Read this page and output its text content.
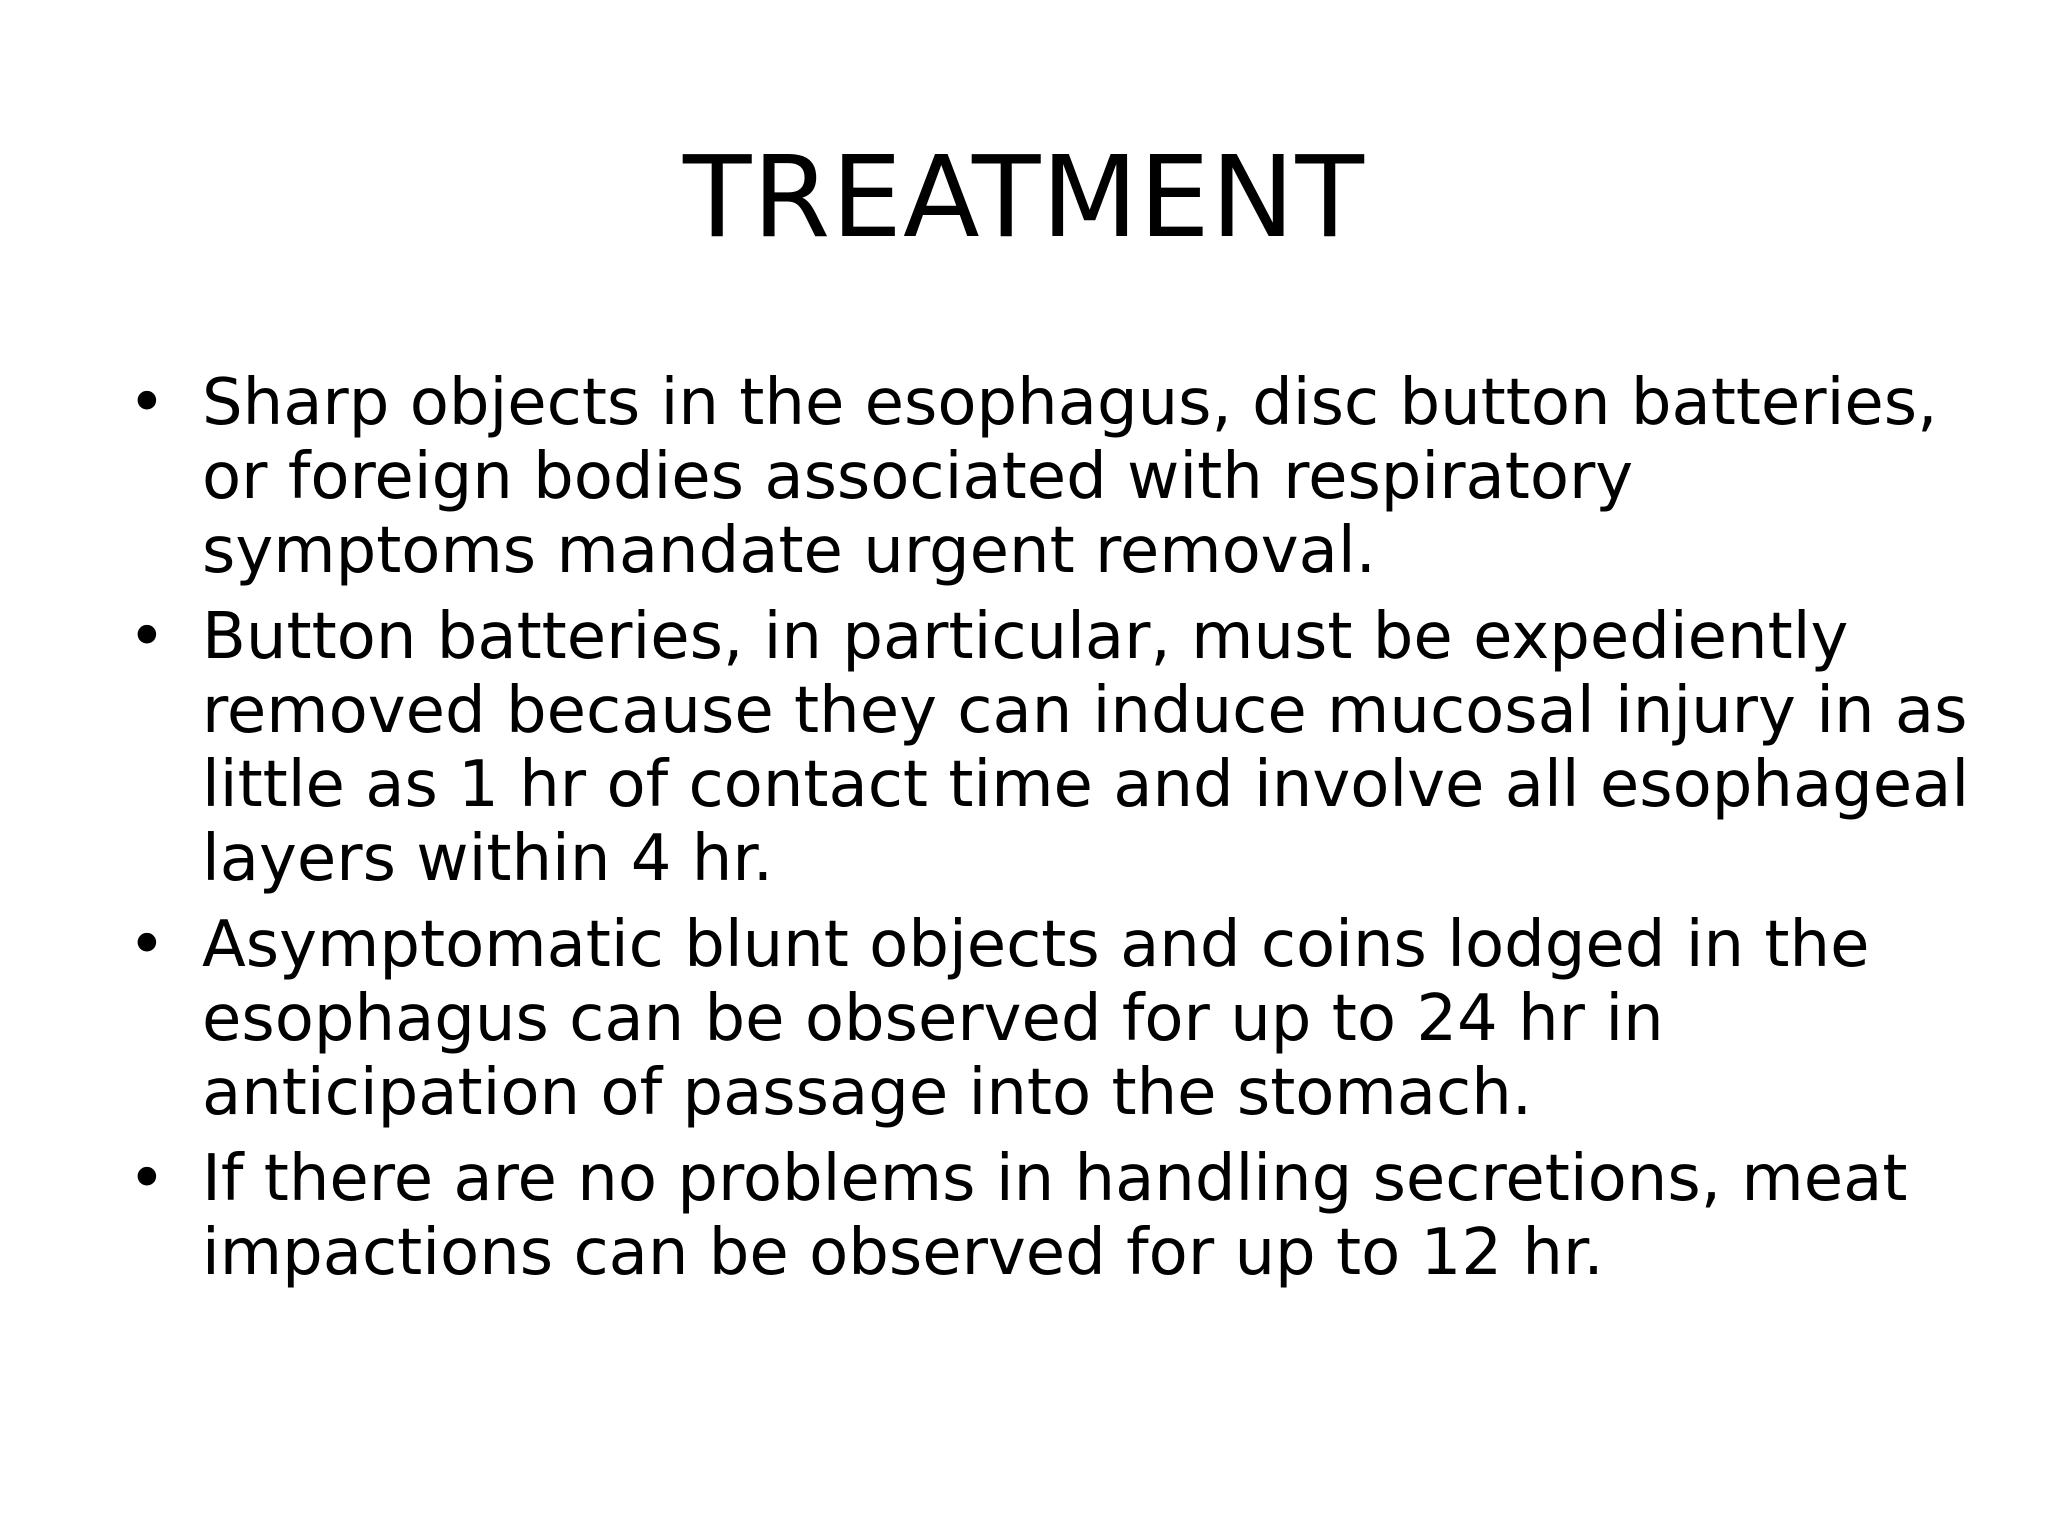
TREATMENT
• Sharp objects in the esophagus, disc button batteries, or foreign bodies associated with respiratory symptoms mandate urgent removal.
• Button batteries, in particular, must be expediently removed because they can induce mucosal injury in as little as 1 hr of contact time and involve all esophageal layers within 4 hr.
• Asymptomatic blunt objects and coins lodged in the esophagus can be observed for up to 24 hr in anticipation of passage into the stomach.
• If there are no problems in handling secretions, meat impactions can be observed for up to 12 hr.
